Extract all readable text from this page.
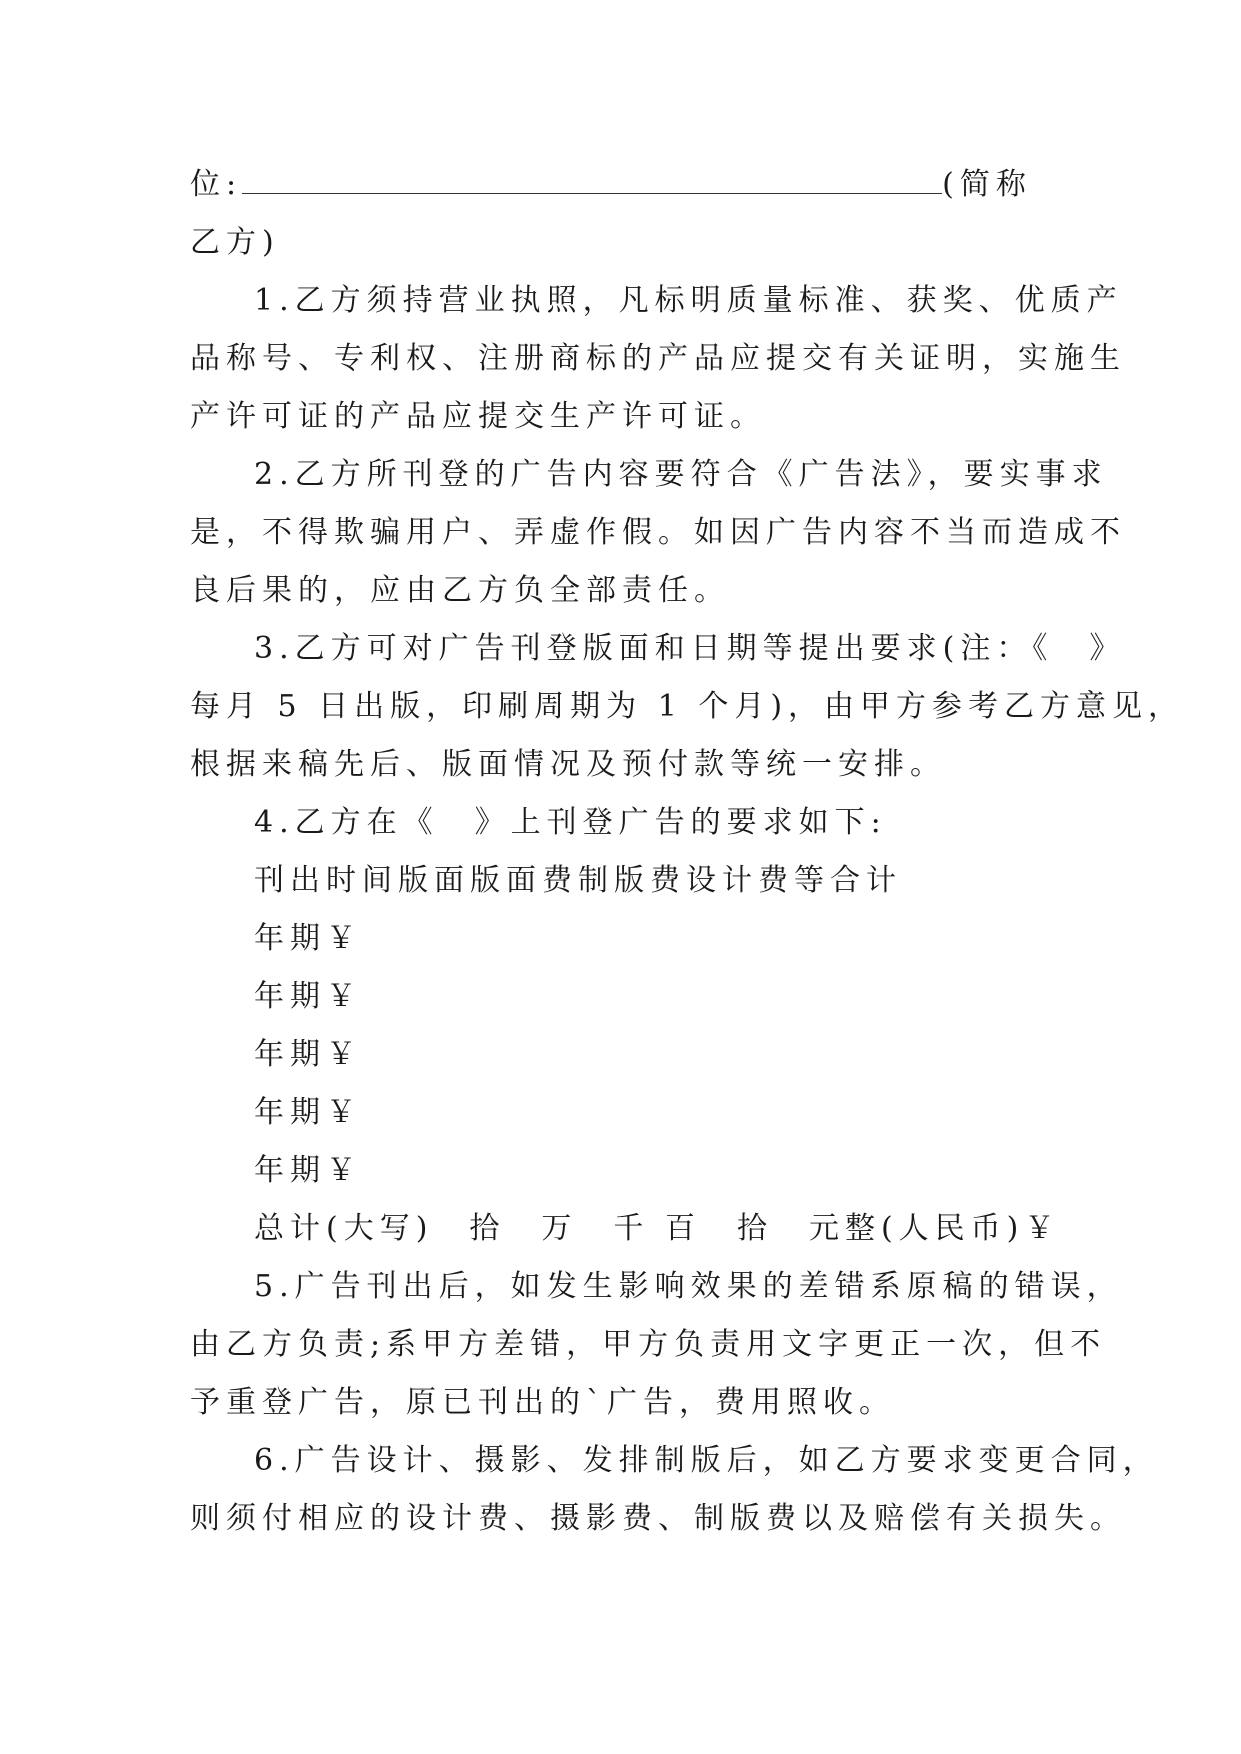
位:	(简称
乙方)
1.乙方须持营业执照，凡标明质量标准、获奖、优质产
品称号、专利权、注册商标的产品应提交有关证明，实施生
产许可证的产品应提交生产许可证。
2.乙方所刊登的广告内容要符合《广告法》，要实事求
是，不得欺骗用户、弄虚作假。如因广告内容不当而造成不
良后果的，应由乙方负全部责任。
3.乙方可对广告刊登版面和日期等提出要求(注：《　》
每月 5 日出版，印刷周期为 1 个月)，由甲方参考乙方意见，
根据来稿先后、版面情况及预付款等统一安排。
4.乙方在《　》上刊登广告的要求如下:
刊出时间版面版面费制版费设计费等合计
年期￥
年期￥
年期￥
年期￥
年期￥
总计(大写)　拾　万　千 百　拾　元整(人民币)￥
5.广告刊出后，如发生影响效果的差错系原稿的错误，
由乙方负责;系甲方差错，甲方负责用文字更正一次，但不
予重登广告，原已刊出的`广告，费用照收。
6.广告设计、摄影、发排制版后，如乙方要求变更合同，
则须付相应的设计费、摄影费、制版费以及赔偿有关损失。
